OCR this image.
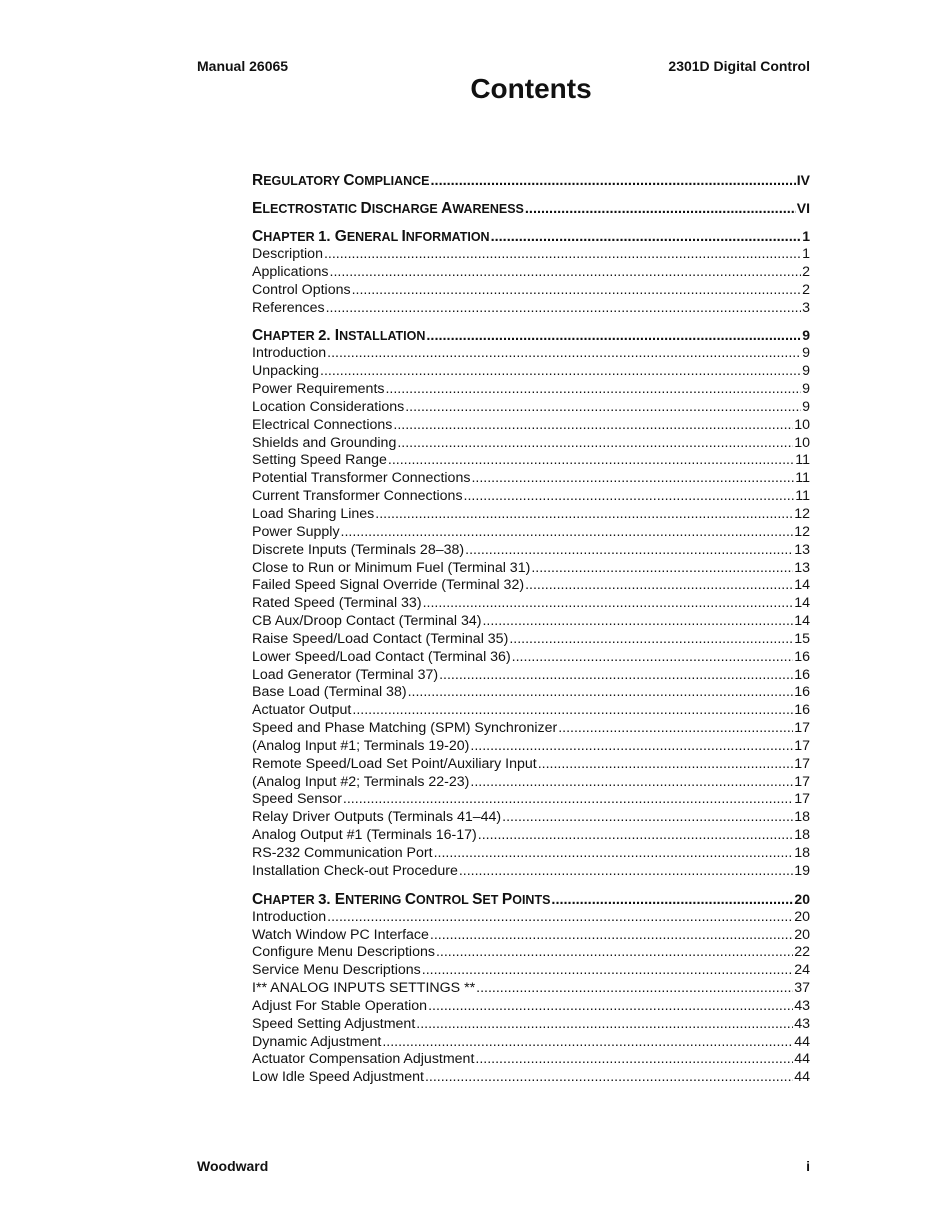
Manual 26065	2301D Digital Control
Contents
REGULATORY COMPLIANCE .....	IV
ELECTROSTATIC DISCHARGE AWARENESS .....	VI
CHAPTER 1. GENERAL INFORMATION .....	1
Description .....	1
Applications .....	2
Control Options .....	2
References .....	3
CHAPTER 2. INSTALLATION .....	9
Introduction .....	9
Unpacking .....	9
Power Requirements .....	9
Location Considerations .....	9
Electrical Connections .....	10
Shields and Grounding .....	10
Setting Speed Range .....	11
Potential Transformer Connections .....	11
Current Transformer Connections .....	11
Load Sharing Lines .....	12
Power Supply .....	12
Discrete Inputs (Terminals 28–38) .....	13
Close to Run or Minimum Fuel (Terminal 31) .....	13
Failed Speed Signal Override (Terminal 32) .....	14
Rated Speed (Terminal 33) .....	14
CB Aux/Droop Contact (Terminal 34) .....	14
Raise Speed/Load Contact (Terminal 35) .....	15
Lower Speed/Load Contact (Terminal 36) .....	16
Load Generator (Terminal 37) .....	16
Base Load (Terminal 38) .....	16
Actuator Output .....	16
Speed and Phase Matching (SPM) Synchronizer .....	17
(Analog Input #1; Terminals 19-20) .....	17
Remote Speed/Load Set Point/Auxiliary Input .....	17
(Analog Input #2; Terminals 22-23) .....	17
Speed Sensor .....	17
Relay Driver Outputs (Terminals 41–44) .....	18
Analog Output #1 (Terminals 16-17) .....	18
RS-232 Communication Port .....	18
Installation Check-out Procedure .....	19
CHAPTER 3. ENTERING CONTROL SET POINTS .....	20
Introduction .....	20
Watch Window PC Interface .....	20
Configure Menu Descriptions .....	22
Service Menu Descriptions .....	24
I** ANALOG INPUTS SETTINGS ** .....	37
Adjust For Stable Operation .....	43
Speed Setting Adjustment .....	43
Dynamic Adjustment .....	44
Actuator Compensation Adjustment .....	44
Low Idle Speed Adjustment .....	44
Woodward	i
